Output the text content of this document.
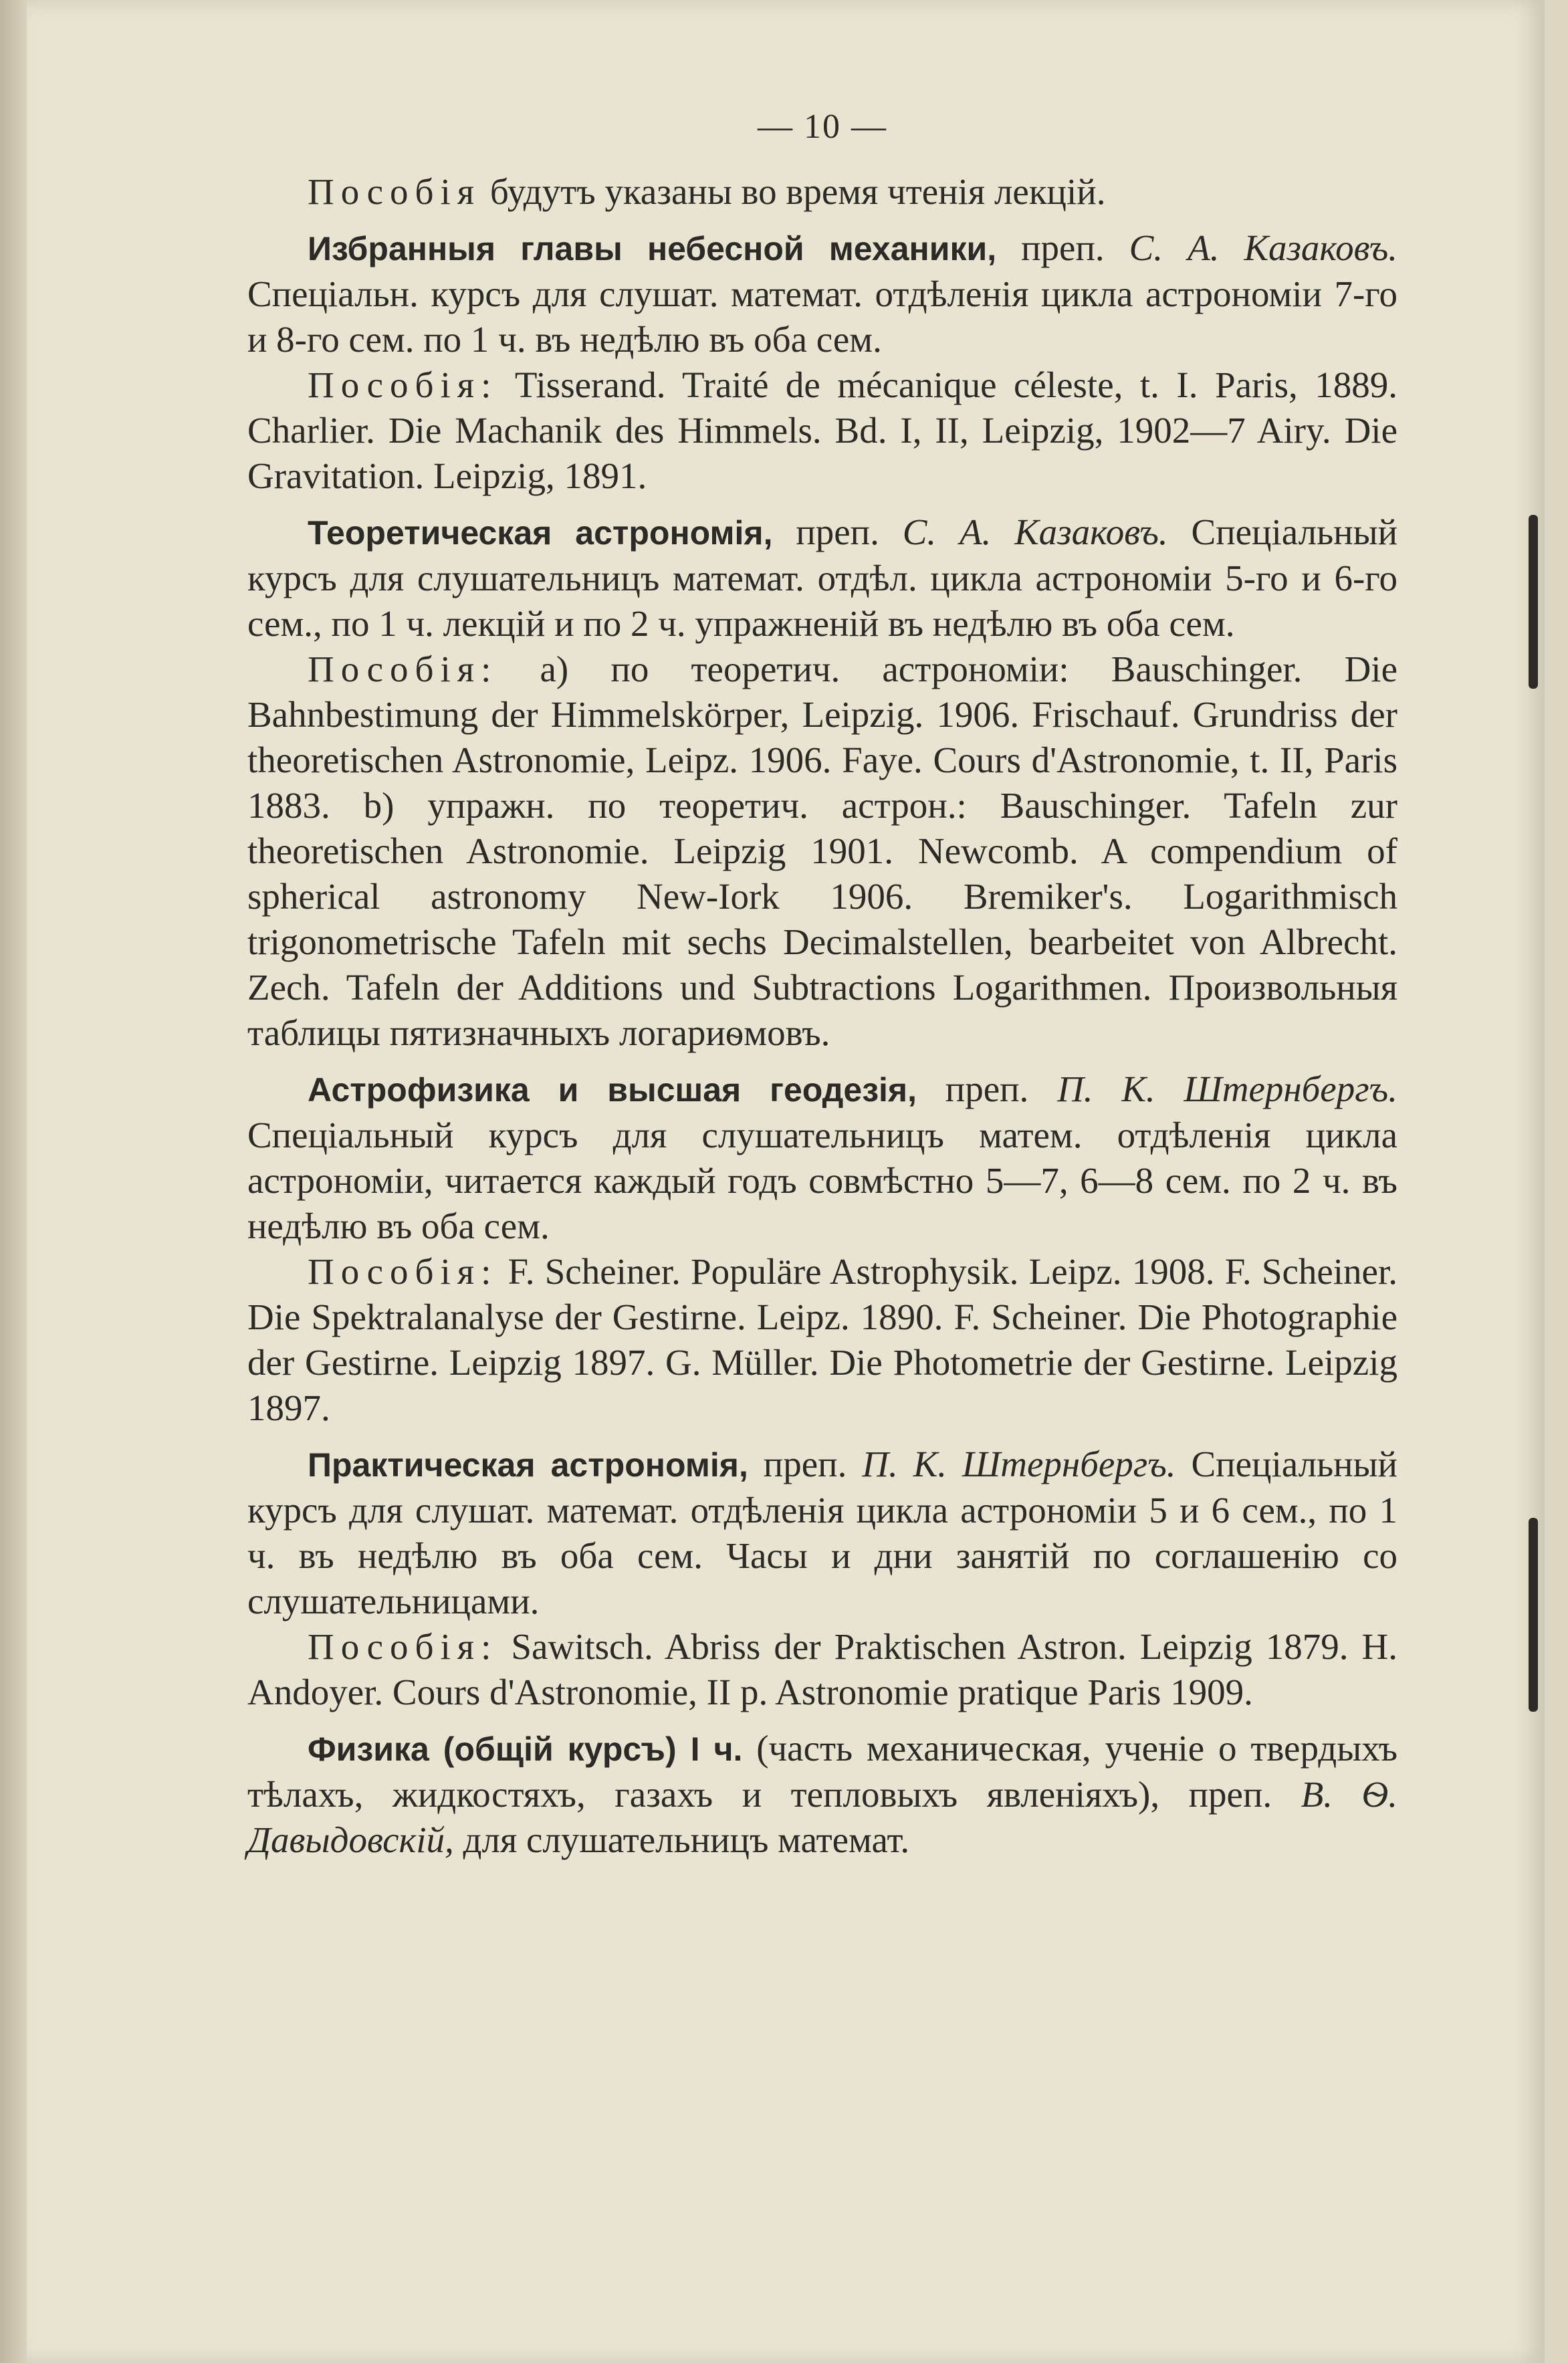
— 10 —

Пособія будутъ указаны во время чтенія лекцій.

Избранныя главы небесной механики, преп. С. А. Казаковъ. Спеціальн. курсъ для слушат. математ. отдѣленія цикла астрономіи 7-го и 8-го сем. по 1 ч. въ недѣлю въ оба сем.

Пособія: Tisserand. Traité de mécanique céleste, t. I. Paris, 1889. Charlier. Die Machanik des Himmels. Bd. I, II, Leipzig, 1902—7 Airy. Die Gravitation. Leipzig, 1891.

Теоретическая астрономія, преп. С. А. Казаковъ. Спеціальный курсъ для слушательницъ математ. отдѣл. цикла астрономіи 5-го и 6-го сем., по 1 ч. лекцій и по 2 ч. упражненій въ недѣлю въ оба сем.

Пособія: а) по теоретич. астрономіи: Bauschinger. Die Bahnbestimung der Himmelskörper, Leipzig. 1906. Frischauf. Grundriss der theoretischen Astronomie, Leipz. 1906. Faye. Cours d'Astronomie, t. II, Paris 1883. b) упражн. по теоретич. астрон.: Bauschinger. Tafeln zur theoretischen Astronomie. Leipzig 1901. Newcomb. A compendium of spherical astronomy New-Iork 1906. Bremiker's. Logarithmisch trigonometrische Tafeln mit sechs Decimalstellen, bearbeitet von Albrecht. Zech. Tafeln der Additions und Subtractions Logarithmen. Произвольныя таблицы пятизначныхъ логариѳмовъ.

Астрофизика и высшая геодезія, преп. П. К. Штернбергъ. Спеціальный курсъ для слушательницъ матем. отдѣленія цикла астрономіи, читается каждый годъ совмѣстно 5—7, 6—8 сем. по 2 ч. въ недѣлю въ оба сем.

Пособія: F. Scheiner. Populäre Astrophysik. Leipz. 1908. F. Scheiner. Die Spektralanalyse der Gestirne. Leipz. 1890. F. Scheiner. Die Photographie der Gestirne. Leipzig 1897. G. Müller. Die Photometrie der Gestirne. Leipzig 1897.

Практическая астрономія, преп. П. К. Штернбергъ. Спеціальный курсъ для слушат. математ. отдѣленія цикла астрономіи 5 и 6 сем., по 1 ч. въ недѣлю въ оба сем. Часы и дни занятій по соглашенію со слушательницами.

Пособія: Sawitsch. Abriss der Praktischen Astron. Leipzig 1879. H. Andoyer. Cours d'Astronomie, II p. Astronomie pratique Paris 1909.

Физика (общій курсъ) I ч. (часть механическая, ученіе о твердыхъ тѣлахъ, жидкостяхъ, газахъ и тепловыхъ явленіяхъ), преп. В. Ѳ. Давыдовскій, для слушательницъ математ.
